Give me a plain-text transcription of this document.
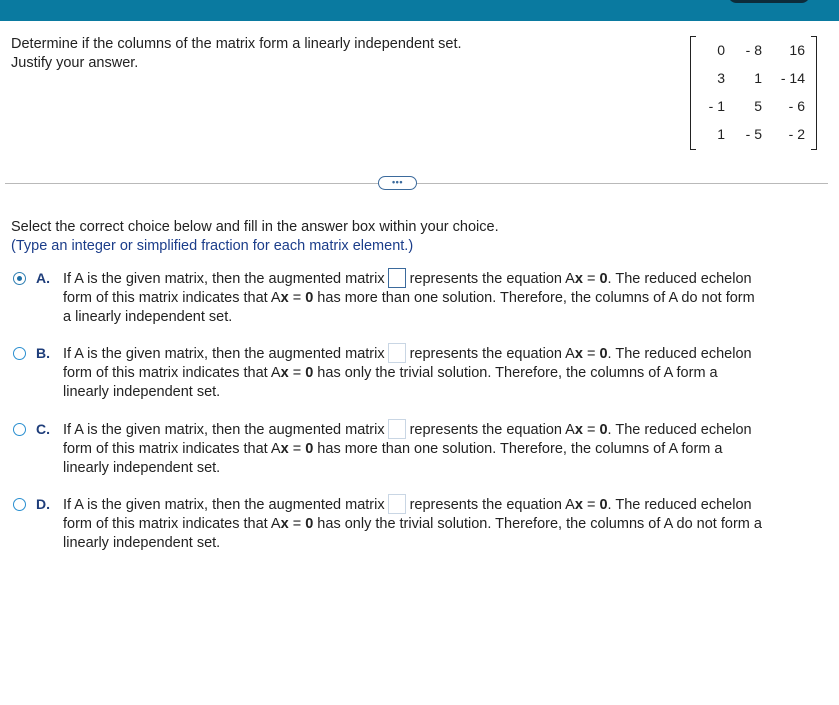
Determine if the columns of the matrix form a linearly independent set.
Justify your answer.
0 - 8 16
3 1 - 14
- 1 5 - 6
1 - 5 - 2
•••
Select the correct choice below and fill in the answer box within your choice.
(Type an integer or simplified fraction for each matrix element.)
A. If A is the given matrix, then the augmented matrix represents the equation Ax = 0. The reduced echelon
form of this matrix indicates that Ax = 0 has more than one solution. Therefore, the columns of A do not form
a linearly independent set.
B. If A is the given matrix, then the augmented matrix represents the equation Ax = 0. The reduced echelon
form of this matrix indicates that Ax = 0 has only the trivial solution. Therefore, the columns of A form a
linearly independent set.
C. If A is the given matrix, then the augmented matrix represents the equation Ax = 0. The reduced echelon
form of this matrix indicates that Ax = 0 has more than one solution. Therefore, the columns of A form a
linearly independent set.
D. If A is the given matrix, then the augmented matrix represents the equation Ax = 0. The reduced echelon
form of this matrix indicates that Ax = 0 has only the trivial solution. Therefore, the columns of A do not form a
linearly independent set.
